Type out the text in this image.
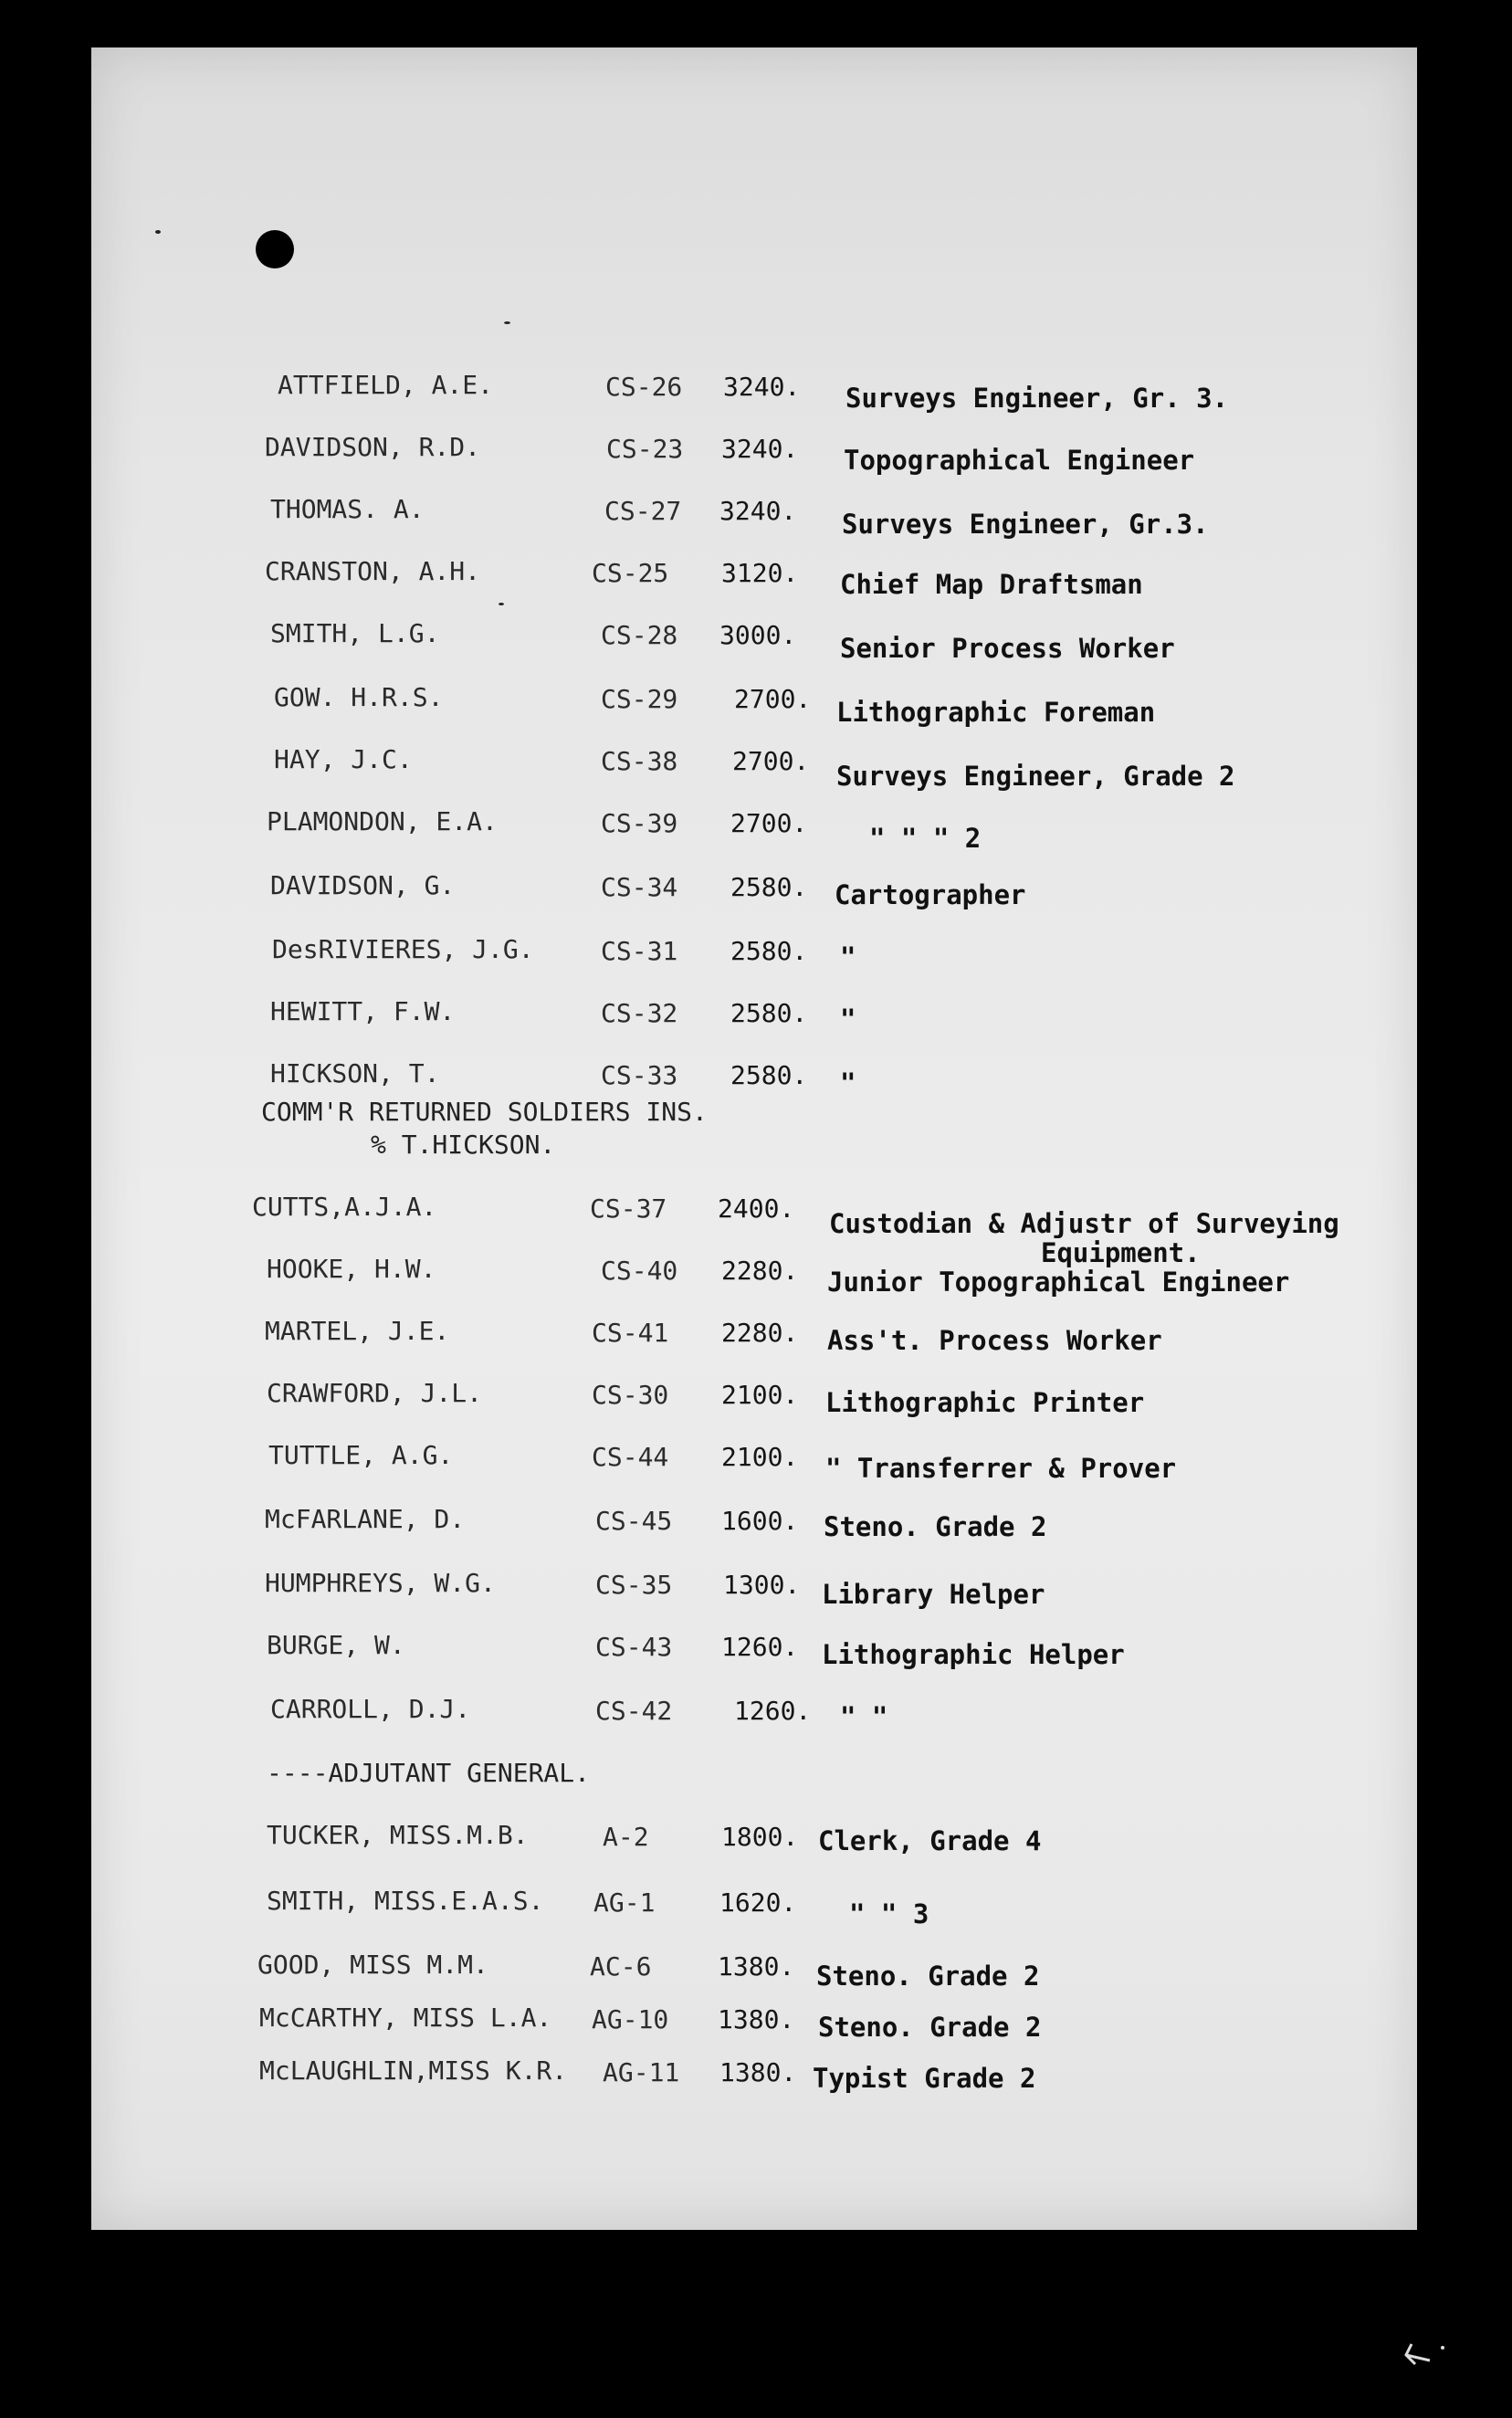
ATTFIELD, A.E.	CS-26 3240. Surveys Engineer, Gr. 3.
DAVIDSON, R.D.	CS-23 3240. Topographical Engineer
THOMAS. A.	CS-27 3240. Surveys Engineer, Gr.3.
CRANSTON, A.H.	CS-25 3120. Chief Map Draftsman
SMITH, L.G.	CS-28 3000. Senior Process Worker
GOW. H.R.S.	CS-29 2700. Lithographic Foreman
HAY, J.C.	CS-38 2700. Surveys Engineer, Grade 2
PLAMONDON, E.A.	CS-39 2700. " " " 2
DAVIDSON, G.	CS-34 2580. Cartographer
DesRIVIERES, J.G.	CS-31 2580. "
HEWITT, F.W.	CS-32 2580. "
HICKSON, T.	CS-33 2580. "
COMM'R RETURNED SOLDIERS INS.
% T.HICKSON.
CUTTS,A.J.A.	CS-37 2400. Custodian & Adjustr of Surveying
Equipment.
HOOKE, H.W.	CS-40 2280. Junior Topographical Engineer
MARTEL, J.E.	CS-41 2280. Ass't. Process Worker
CRAWFORD, J.L.	CS-30 2100. Lithographic Printer
TUTTLE, A.G.	CS-44 2100. " Transferrer & Prover
McFARLANE, D.	CS-45 1600. Steno. Grade 2
HUMPHREYS, W.G.	CS-35 1300. Library Helper
BURGE, W.	CS-43 1260. Lithographic Helper
CARROLL, D.J.	CS-42 1260. " "
----ADJUTANT GENERAL.
TUCKER, MISS.M.B.	A-2	1800. Clerk, Grade 4
SMITH, MISS.E.A.S. AG-1	1620. " " 3
GOOD, MISS M.M.	AC-6	1380. Steno. Grade 2
McCARTHY, MISS L.A. AG-10 1380. Steno. Grade 2
McLAUGHLIN,MISS K.R. AG-11 1380. Typist Grade 2
